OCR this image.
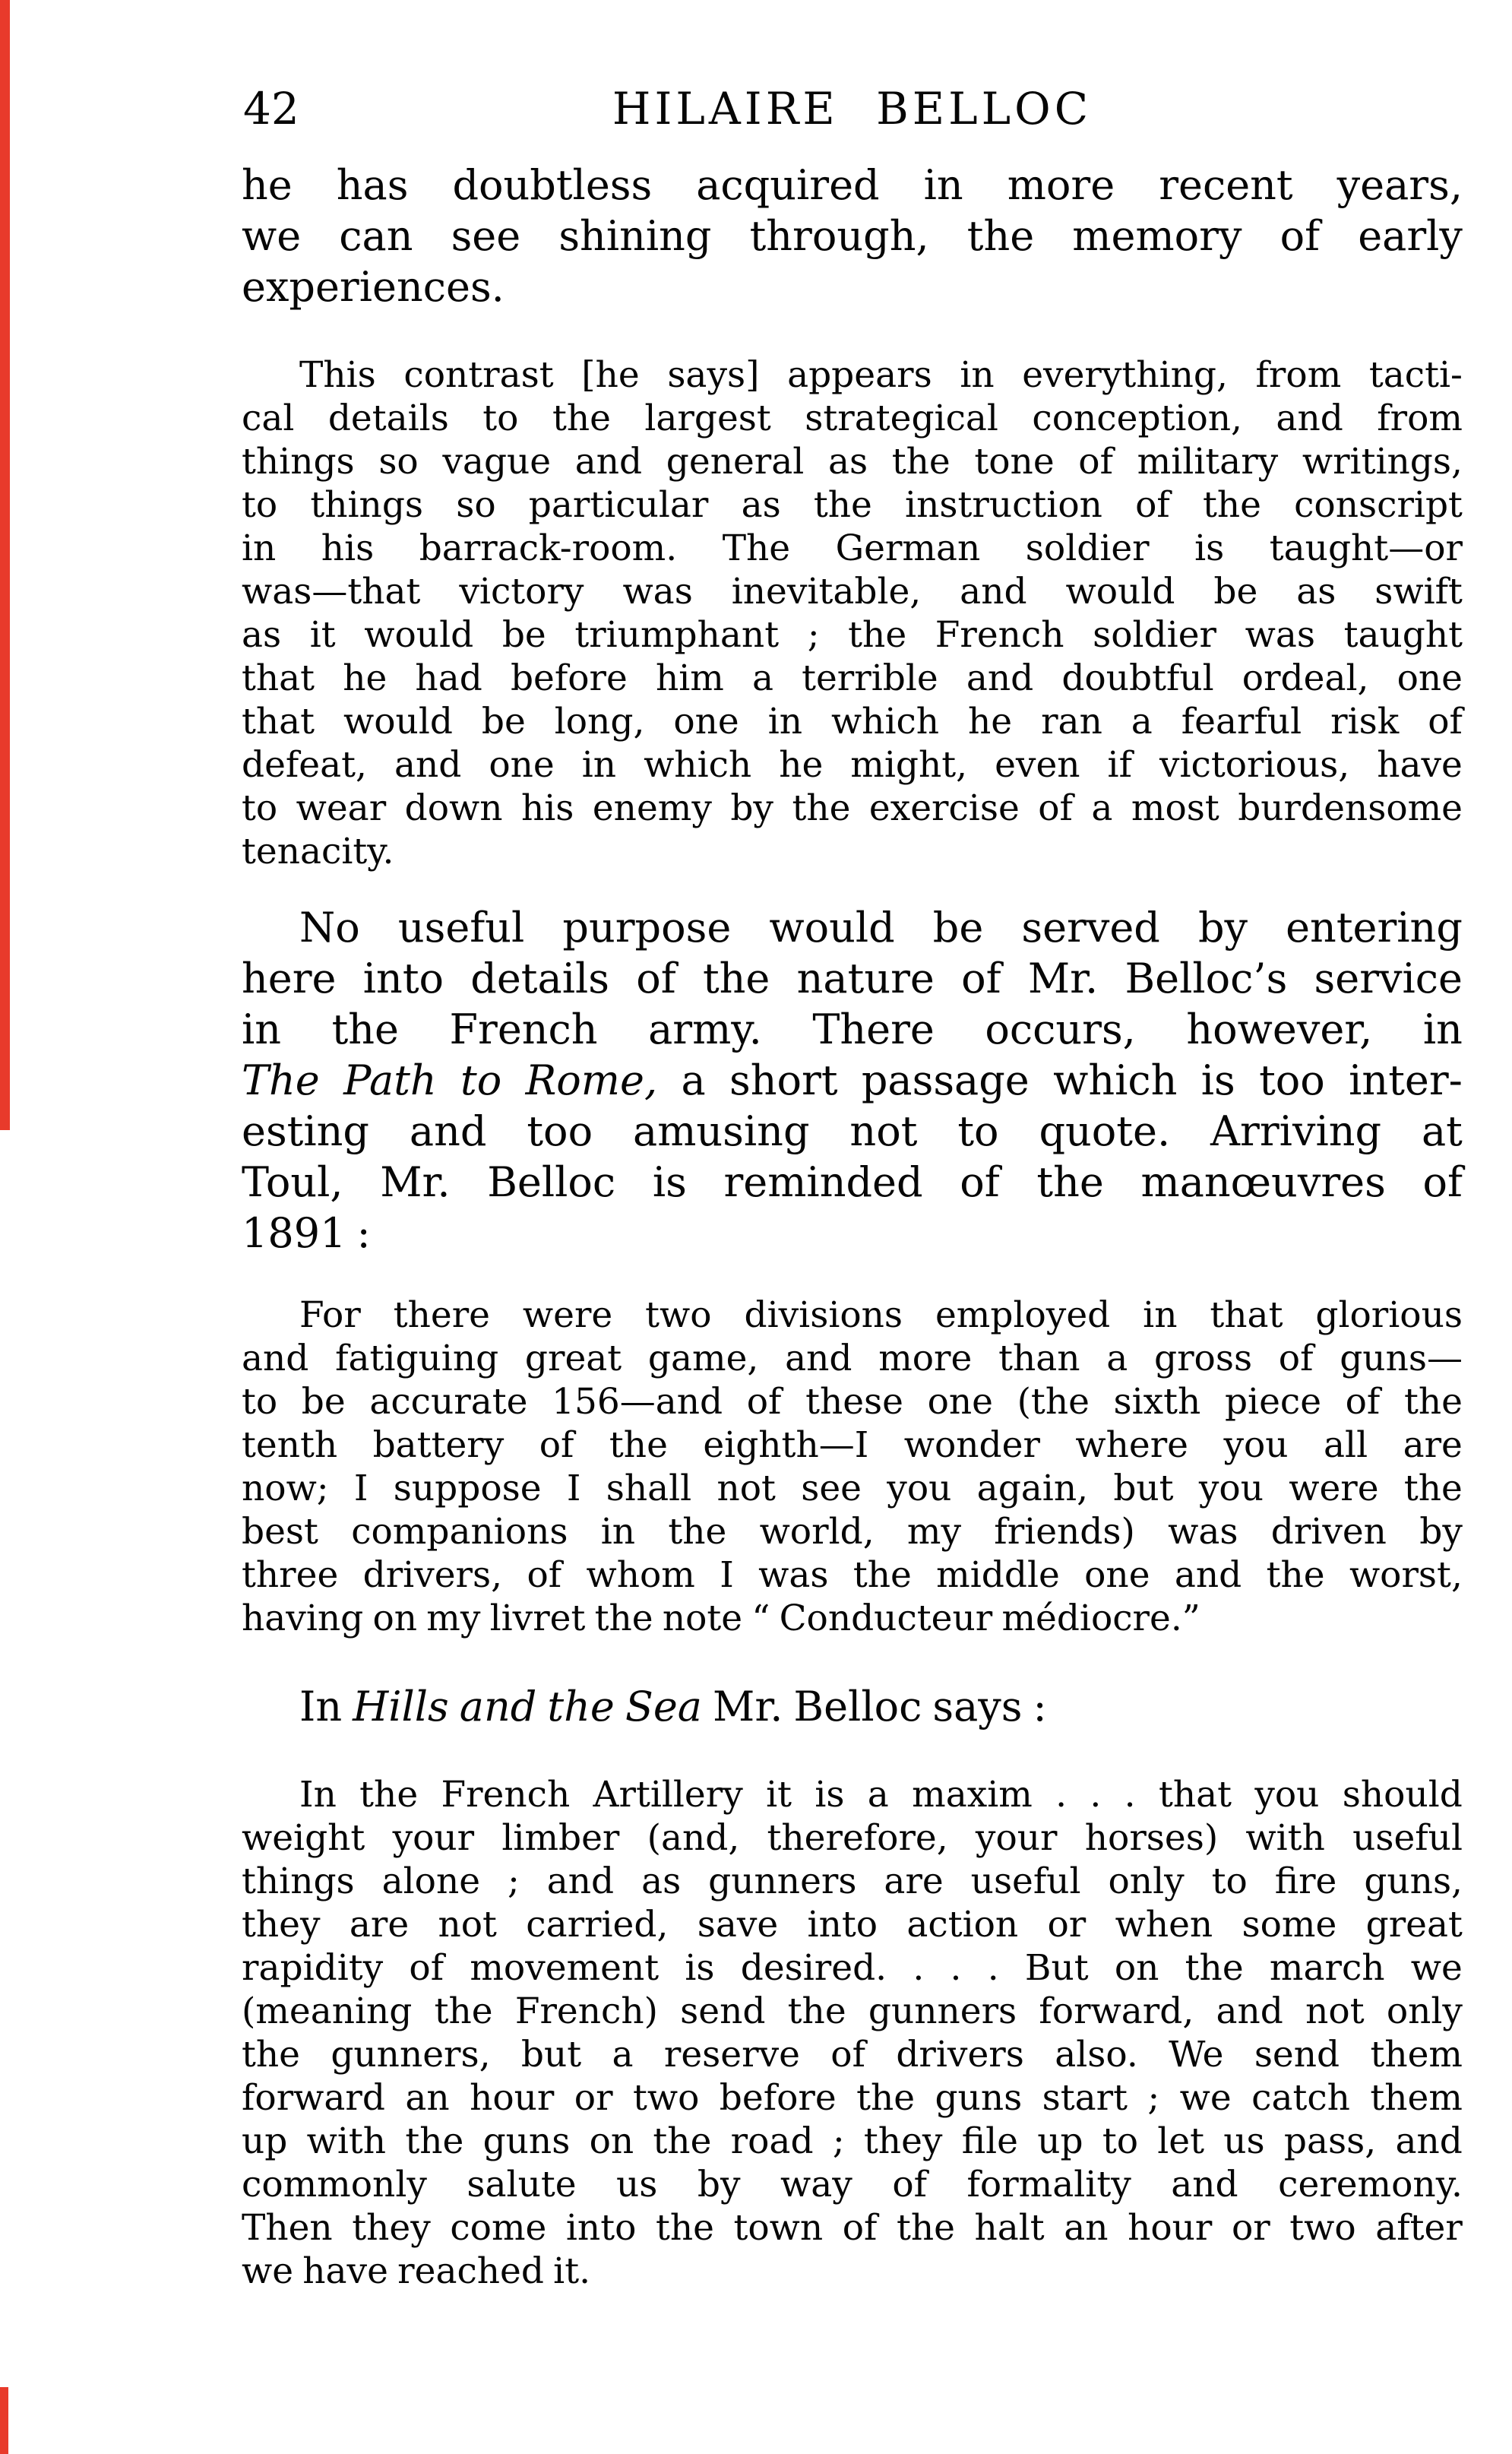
42	HILAIRE BELLOC
he has doubtless acquired in more recent years,
we can see shining through, the memory of early
experiences.
This contrast [he says] appears in everything, from tacti-
cal details to the largest strategical conception, and from
things so vague and general as the tone of military writings,
to things so particular as the instruction of the conscript
in his barrack-room. The German soldier is taught—or
was—that victory was inevitable, and would be as swift
as it would be triumphant ; the French soldier was taught
that he had before him a terrible and doubtful ordeal, one
that would be long, one in which he ran a fearful risk of
defeat, and one in which he might, even if victorious, have
to wear down his enemy by the exercise of a most burdensome
tenacity.
No useful purpose would be served by entering
here into details of the nature of Mr. Belloc’s service
in the French army. There occurs, however, in
The Path to Rome, a short passage which is too inter-
esting and too amusing not to quote. Arriving at
Toul, Mr. Belloc is reminded of the manœuvres of
1891 :
For there were two divisions employed in that glorious
and fatiguing great game, and more than a gross of guns—
to be accurate 156—and of these one (the sixth piece of the
tenth battery of the eighth—I wonder where you all are
now; I suppose I shall not see you again, but you were the
best companions in the world, my friends) was driven by
three drivers, of whom I was the middle one and the worst,
having on my livret the note “ Conducteur médiocre.”
In Hills and the Sea Mr. Belloc says :
In the French Artillery it is a maxim . . . that you should
weight your limber (and, therefore, your horses) with useful
things alone ; and as gunners are useful only to fire guns,
they are not carried, save into action or when some great
rapidity of movement is desired. . . . But on the march we
(meaning the French) send the gunners forward, and not only
the gunners, but a reserve of drivers also. We send them
forward an hour or two before the guns start ; we catch them
up with the guns on the road ; they file up to let us pass, and
commonly salute us by way of formality and ceremony.
Then they come into the town of the halt an hour or two after
we have reached it.
